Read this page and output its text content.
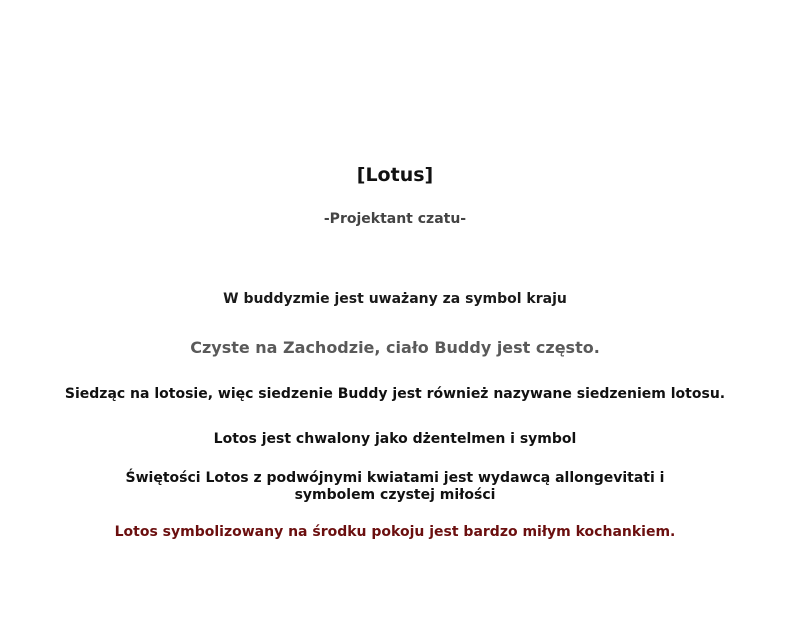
[Lotus]
-Projektant czatu-
W buddyzmie jest uważany za symbol kraju
Czyste na Zachodzie, ciało Buddy jest często.
Siedząc na lotosie, więc siedzenie Buddy jest również nazywane siedzeniem lotosu.
Lotos jest chwalony jako dżentelmen i symbol
Świętości Lotos z podwójnymi kwiatami jest wydawcą allongevitati i symbolem czystej miłości
Lotos symbolizowany na środku pokoju jest bardzo miłym kochankiem.
